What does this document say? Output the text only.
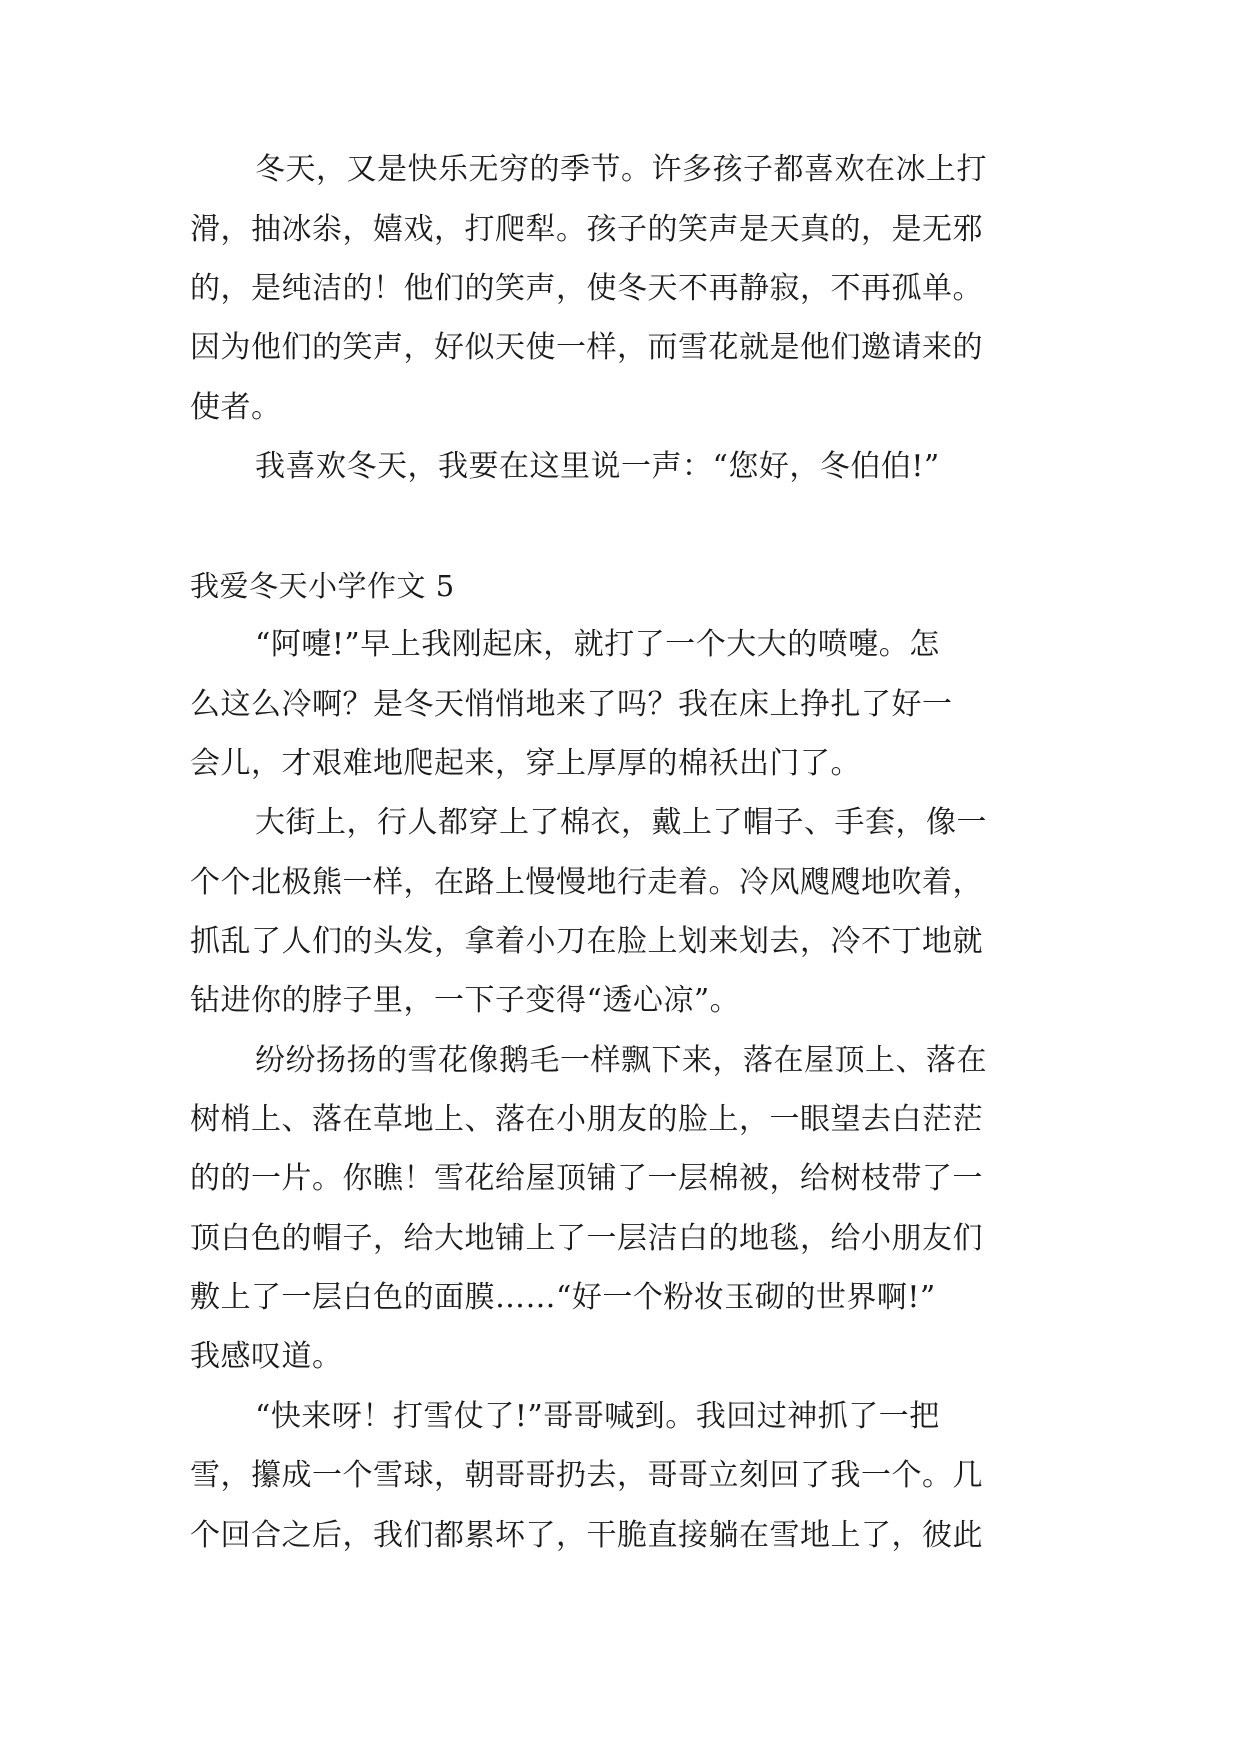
冬天，又是快乐无穷的季节。许多孩子都喜欢在冰上打
滑，抽冰尜，嬉戏，打爬犁。孩子的笑声是天真的，是无邪
的，是纯洁的！他们的笑声，使冬天不再静寂，不再孤单。
因为他们的笑声，好似天使一样，而雪花就是他们邀请来的
使者。
我喜欢冬天，我要在这里说一声：“您好，冬伯伯!”
我爱冬天小学作文 5
“阿嚏!”早上我刚起床，就打了一个大大的喷嚏。怎
么这么冷啊？是冬天悄悄地来了吗？我在床上挣扎了好一
会儿，才艰难地爬起来，穿上厚厚的棉袄出门了。
大街上，行人都穿上了棉衣，戴上了帽子、手套，像一
个个北极熊一样，在路上慢慢地行走着。冷风飕飕地吹着，
抓乱了人们的头发，拿着小刀在脸上划来划去，冷不丁地就
钻进你的脖子里，一下子变得“透心凉”。
纷纷扬扬的雪花像鹅毛一样飘下来，落在屋顶上、落在
树梢上、落在草地上、落在小朋友的脸上，一眼望去白茫茫
的的一片。你瞧！雪花给屋顶铺了一层棉被，给树枝带了一
顶白色的帽子，给大地铺上了一层洁白的地毯，给小朋友们
敷上了一层白色的面膜……“好一个粉妆玉砌的世界啊!”
我感叹道。
“快来呀！打雪仗了!”哥哥喊到。我回过神抓了一把
雪，攥成一个雪球，朝哥哥扔去，哥哥立刻回了我一个。几
个回合之后，我们都累坏了，干脆直接躺在雪地上了，彼此
